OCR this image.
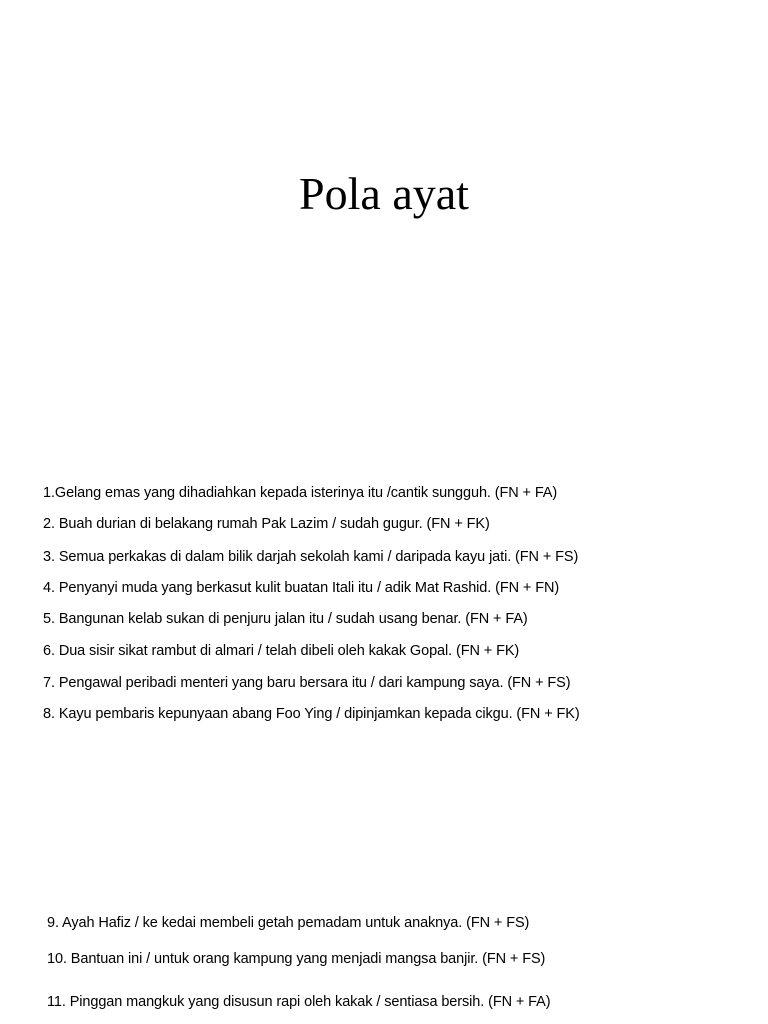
Pola ayat
1.Gelang emas yang dihadiahkan kepada isterinya itu /cantik sungguh. (FN + FA)
2. Buah durian di belakang rumah Pak Lazim / sudah gugur. (FN + FK)
3. Semua perkakas di dalam bilik darjah sekolah kami / daripada kayu jati. (FN + FS)
4. Penyanyi muda yang berkasut kulit buatan Itali itu / adik Mat Rashid. (FN + FN)
5. Bangunan kelab sukan di penjuru jalan itu / sudah usang benar. (FN + FA)
6. Dua sisir sikat rambut di almari / telah dibeli oleh kakak Gopal. (FN + FK)
7. Pengawal peribadi menteri yang baru bersara itu / dari kampung saya. (FN + FS)
8. Kayu pembaris kepunyaan abang Foo Ying / dipinjamkan kepada cikgu. (FN + FK)
9. Ayah Hafiz / ke kedai membeli getah pemadam untuk anaknya. (FN + FS)
10. Bantuan ini / untuk orang kampung yang menjadi mangsa banjir. (FN + FS)
11. Pinggan mangkuk yang disusun rapi oleh kakak / sentiasa bersih. (FN + FA)
